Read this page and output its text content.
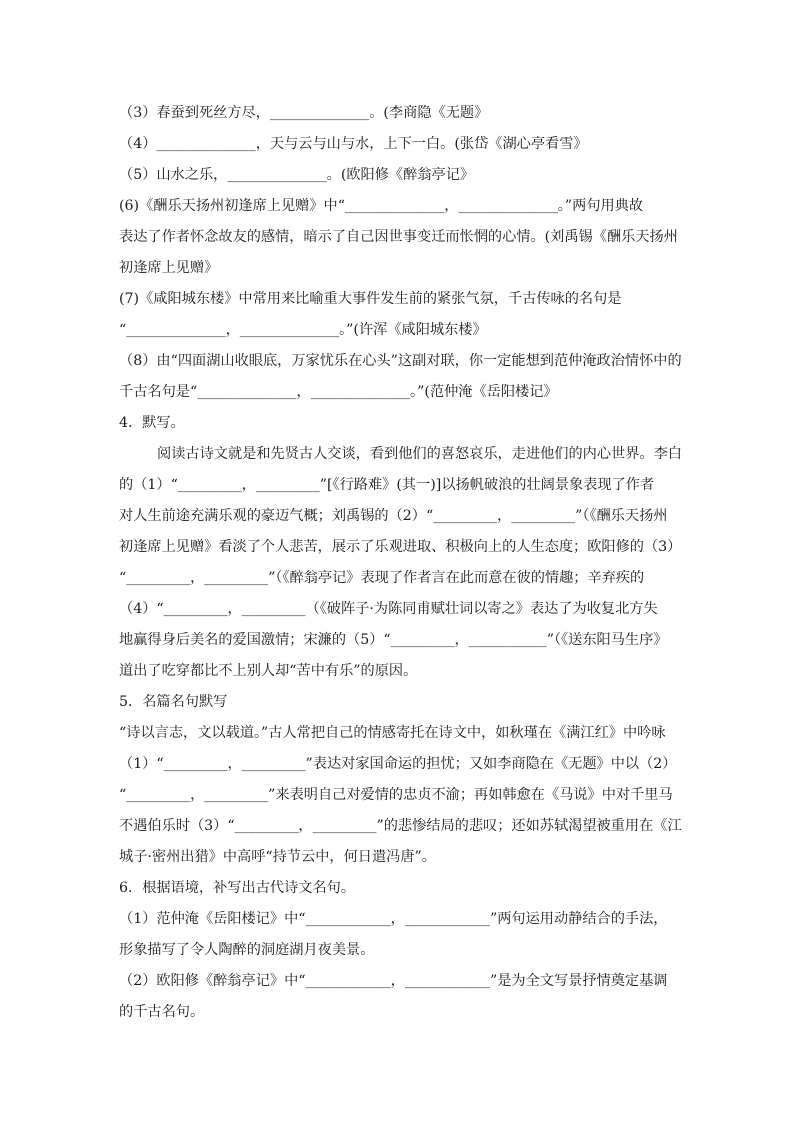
（3）春蚕到死丝方尽，______________。(李商隐《无题》
（4）______________，天与云与山与水，上下一白。(张岱《湖心亭看雪》
（5）山水之乐，______________。(欧阳修《醉翁亭记》
(6)《酬乐天扬州初逢席上见赠》中“______________，______________。”两句用典故
表达了作者怀念故友的感情，暗示了自己因世事变迁而怅惘的心情。(刘禹锡《酬乐天扬州
初逢席上见赠》
(7)《咸阳城东楼》中常用来比喻重大事件发生前的紧张气氛，千古传咏的名句是
“______________，______________。”(许浑《咸阳城东楼》
（8）由“四面湖山收眼底，万家忧乐在心头”这副对联，你一定能想到范仲淹政治情怀中的
千古名句是“______________，______________。”(范仲淹《岳阳楼记》
4．默写。
阅读古诗文就是和先贤古人交谈，看到他们的喜怒哀乐，走进他们的内心世界。李白
的（1）“_________，_________”[《行路难》(其一)]以扬帆破浪的壮阔景象表现了作者
对人生前途充满乐观的豪迈气概；刘禹锡的（2）“_________，_________”（《酬乐天扬州
初逢席上见赠》看淡了个人悲苦，展示了乐观进取、积极向上的人生态度；欧阳修的（3）
“_________，_________”（《醉翁亭记》表现了作者言在此而意在彼的情趣；辛弃疾的
（4）“_________，_________（《破阵子·为陈同甫赋壮词以寄之》表达了为收复北方失
地赢得身后美名的爱国激情；宋濂的（5）“_________，___________”（《送东阳马生序》
道出了吃穿都比不上别人却“苦中有乐”的原因。
5．名篇名句默写
“诗以言志，文以载道。”古人常把自己的情感寄托在诗文中，如秋瑾在《满江红》中吟咏
（1）“_________，_________”表达对家国命运的担忧；又如李商隐在《无题》中以（2）
“_________，_________”来表明自己对爱情的忠贞不渝；再如韩愈在《马说》中对千里马
不遇伯乐时（3）“_________，_________”的悲惨结局的悲叹；还如苏轼渴望被重用在《江
城子·密州出猎》中高呼“持节云中，何日遣冯唐”。
6．根据语境，补写出古代诗文名句。
（1）范仲淹《岳阳楼记》中“____________，____________”两句运用动静结合的手法，
形象描写了令人陶醉的洞庭湖月夜美景。
（2）欧阳修《醉翁亭记》中“____________，____________”是为全文写景抒情奠定基调
的千古名句。
